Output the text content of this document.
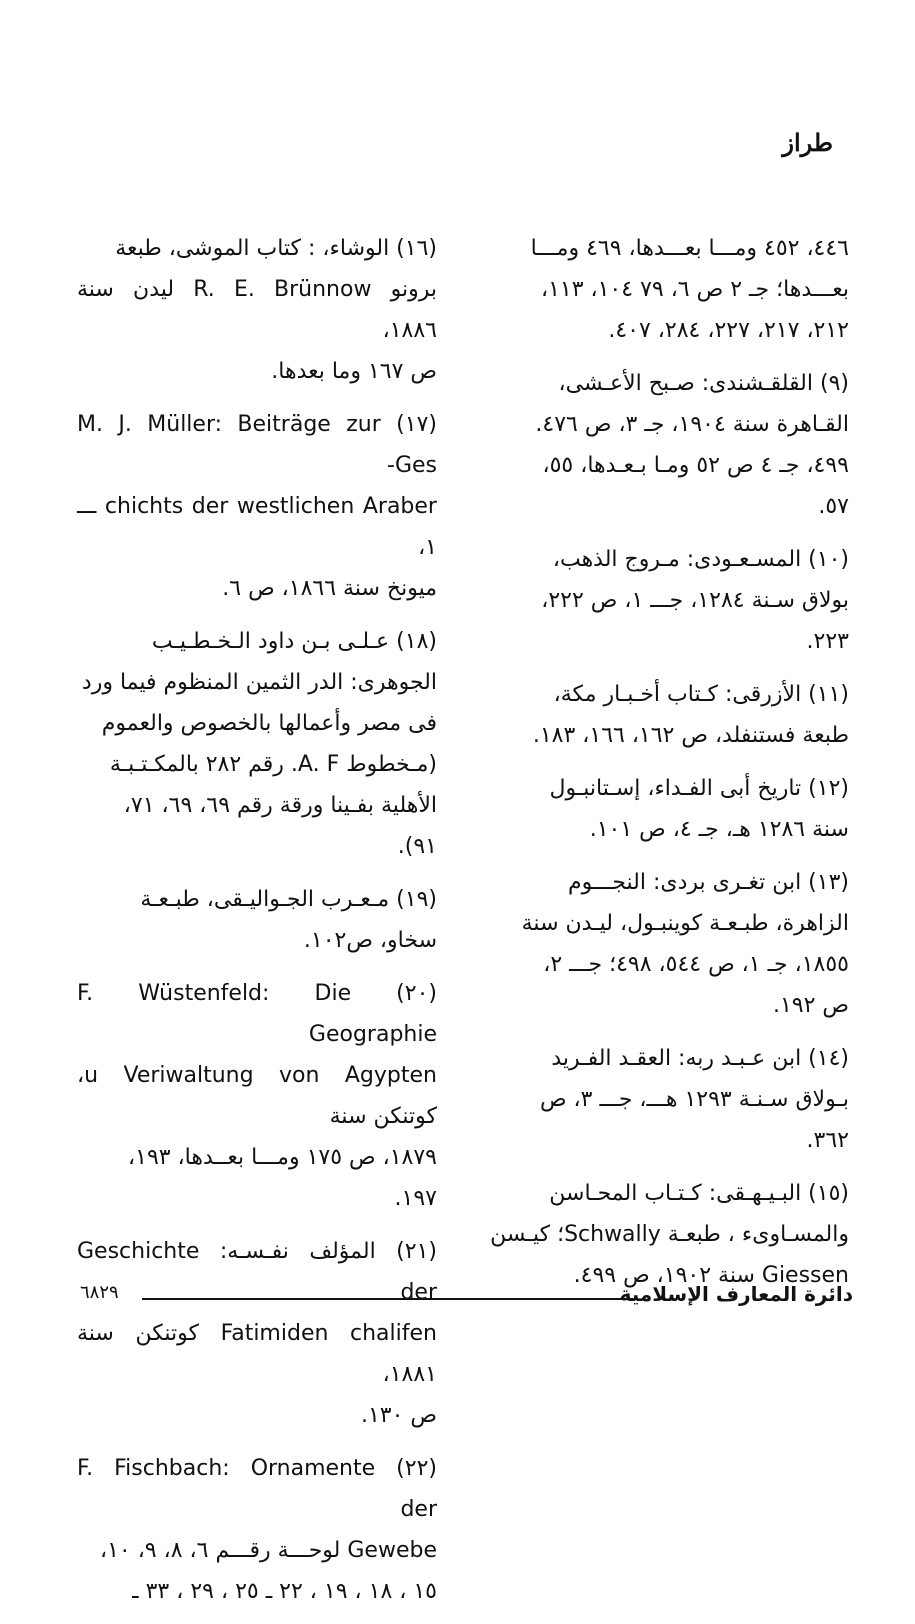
طراز

٤٤٦، ٤٥٢ ومـــا بعـــدها، ٤٦٩ ومـــا

بعـــدها؛ جـ ٢ ص ٦، ٧٩ ١٠٤، ١١٣،

٢١٢، ٢١٧، ٢٢٧، ٢٨٤، ٤٠٧.

(٩) القلقـشندى: صـبح الأعـشى،

القـاهرة سنة ١٩٠٤، جـ ٣، ص ٤٧٦.

٤٩٩، جـ ٤ ص ٥٢ ومـا بـعـدها، ٥٥،

٥٧.

(١٠) المسـعـودى: مـروج الذهب،

بولاق سـنة ١٢٨٤، جـــ ١، ص ٢٢٢،

٢٢٣.

(١١) الأزرقى: كـتاب أخـبـار مكة،

طبعة فستنفلد، ص ١٦٢، ١٦٦، ١٨٣.

(١٢) تاريخ أبى الفـداء، إسـتانبـول

سنة ١٢٨٦ هـ، جـ ٤، ص ١٠١.

(١٣) ابن تغـرى بردى: النجـــوم

الزاهرة، طبـعـة كوينبـول، ليـدن سنة

١٨٥٥، جـ ١، ص ٥٤٤، ٤٩٨؛ جـــ ٢،

ص ١٩٢.

(١٤) ابن عـبـد ربه: العقـد الفـريد

بـولاق سـنـة ١٢٩٣ هـــ، جـــ ٣، ص

٣٦٢.

(١٥) البـيـهـقى: كـتـاب المحـاسن

والمسـاوىء ، طبعـة Schwally؛ كيـسن

Giessen سنة ١٩٠٢، ص ٤٩٩.

(١٦) الوشاء، : كتاب الموشى، طبعة

برونو R. E. Brünnow ليدن سنة ١٨٨٦،

ص ١٦٧ وما بعدها.

(١٧) M. J. Müller: Beiträge zur Ges-

chichts der westlichen Araber ـــ ١،

ميونخ سنة ١٨٦٦، ص ٦.

(١٨) عـلـى بـن داود الـخـطـيـب

الجوهرى: الدر الثمين المنظوم فيما ورد

فى مصر وأعمالها بالخصوص والعموم

(مـخطوط A. F. رقم ٢٨٢ بالمكـتـبـة

الأهلية بفـينا ورقة رقم ٦٩، ٦٩، ٧١،

٩١).

(١٩) مـعـرب الجـواليـقى، طبـعـة

سخاو، ص١٠٢.

(٢٠) F. Wüstenfeld: Die Geographie

u Veriwaltung von Agypten، كوتنكن سنة

١٨٧٩، ص ١٧٥ ومـــا بعــدها، ١٩٣،

١٩٧.

(٢١) المؤلف نفـسـه: Geschichte der

Fatimiden chalifen كوتنكن سنة ١٨٨١،

ص ١٣٠.

(٢٢) F. Fischbach: Ornamente der

Gewebe لوحـــة رقـــم ٦، ٨، ٩، ١٠،

١٥ ، ١٨ ، ١٩ ، ٢٢ ـ ٢٥ ، ٢٩ ، ٣٣ ـ

دائرة المعارف الإسلامية
٦٨٢٩
